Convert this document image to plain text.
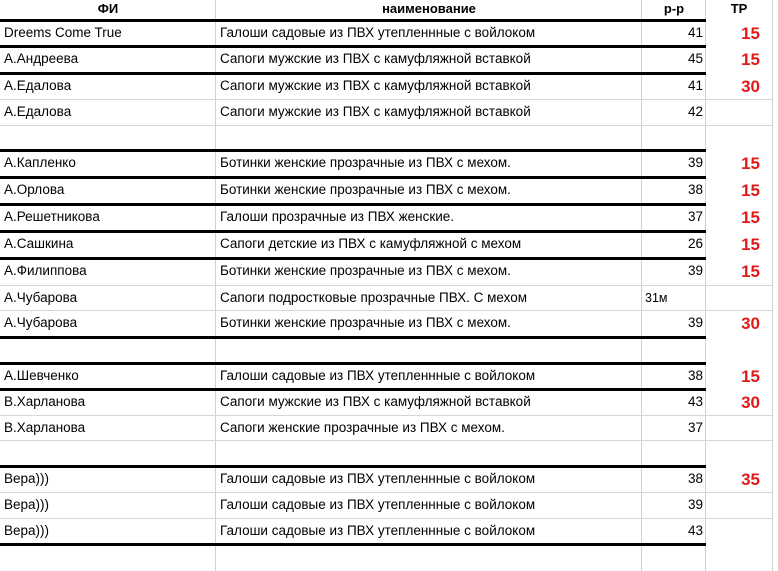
ФИ	наименование	р-р	ТР
Dreems Come True	Галоши садовые из ПВХ утепленнные с войлоком	41	15
А.Андреева	Сапоги мужские из ПВХ с камуфляжной вставкой	45	15
А.Едалова	Сапоги мужские из ПВХ с камуфляжной вставкой	41	30
А.Едалова	Сапоги мужские из ПВХ с камуфляжной вставкой	42
А.Капленко	Ботинки женские прозрачные из ПВХ с мехом.	39	15
А.Орлова	Ботинки женские прозрачные из ПВХ с мехом.	38	15
А.Решетникова	Галоши прозрачные из ПВХ женские.	37	15
А.Сашкина	Сапоги детские из ПВХ с камуфляжной с мехом	26	15
А.Филиппова	Ботинки женские прозрачные из ПВХ с мехом.	39	15
А.Чубарова	Сапоги подростковые прозрачные ПВХ. С мехом	31м
А.Чубарова	Ботинки женские прозрачные из ПВХ с мехом.	39	30
А.Шевченко	Галоши садовые из ПВХ утепленнные с войлоком	38	15
В.Харланова	Сапоги мужские из ПВХ с камуфляжной вставкой	43	30
В.Харланова	Сапоги женские прозрачные из ПВХ с мехом.	37
Вера)))	Галоши садовые из ПВХ утепленнные с войлоком	38	35
Вера)))	Галоши садовые из ПВХ утепленнные с войлоком	39
Вера)))	Галоши садовые из ПВХ утепленнные с войлоком	43
